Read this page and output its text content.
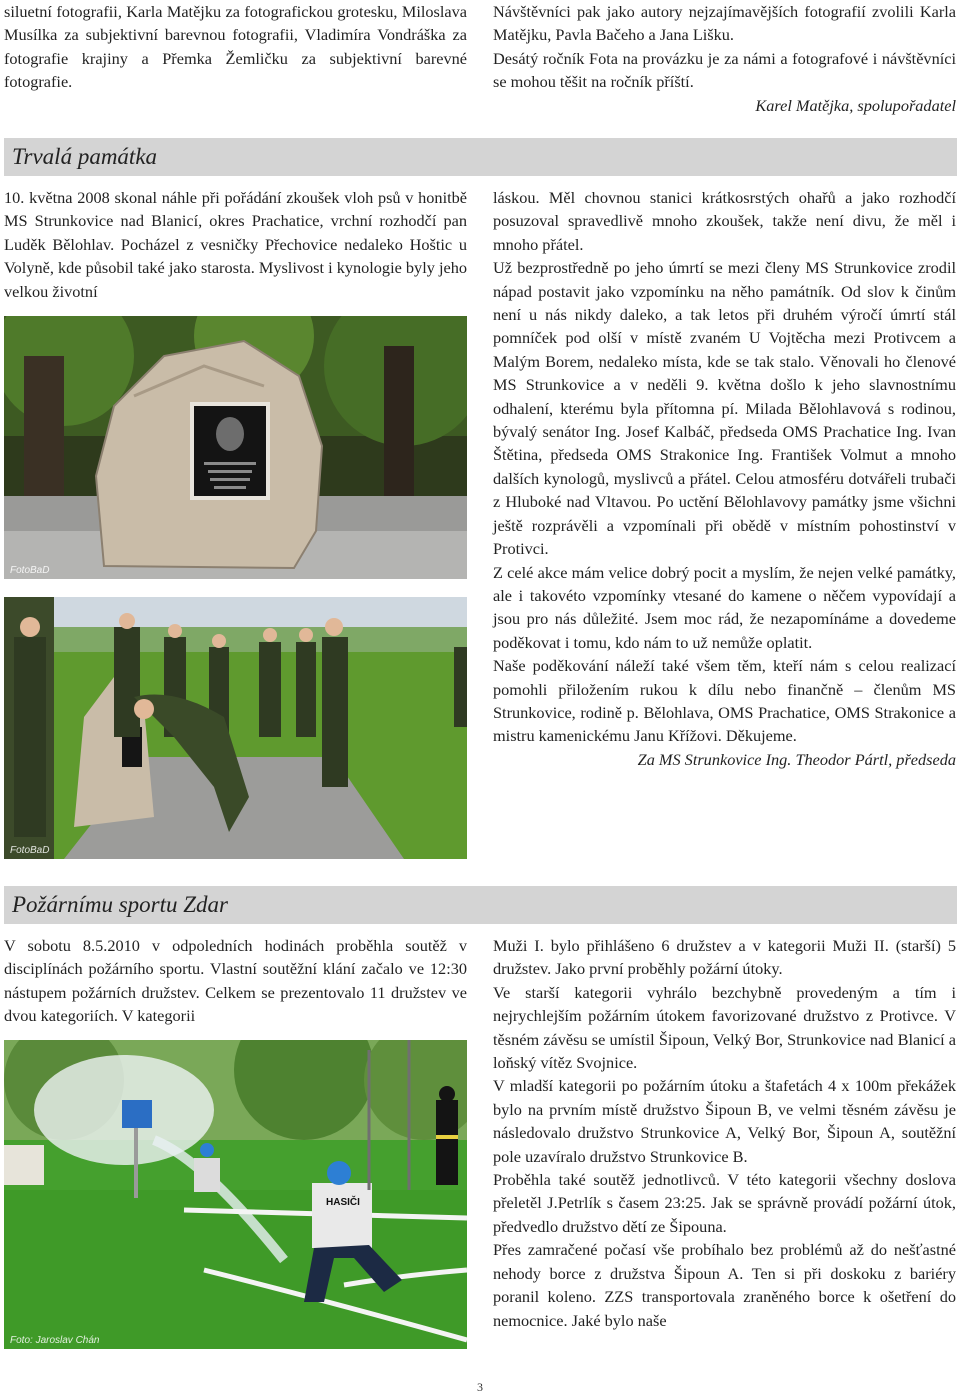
siluetní fotografii, Karla Matějku za fotografickou grotesku, Miloslava Musílka za subjektivní barevnou fotografii, Vladimíra Vondráška za fotografie krajiny a Přemka Žemličku za subjektivní barevné fotografie.

Návštěvníci pak jako autory nejzajímavějších fotografií zvolili Karla Matějku, Pavla Bačeho a Jana Lišku.

Desátý ročník Fota na provázku je za námi a fotografové i návštěvníci se mohou těšit na ročník příští.

Karel Matějka, spolupořadatel

Trvalá památka

10. května 2008 skonal náhle při pořádání zkoušek vloh psů v honitbě MS Strunkovice nad Blanicí, okres Prachatice, vrchní rozhodčí pan Luděk Bělohlav. Pocházel z vesničky Přechovice nedaleko Hoštic u Volyně, kde působil také jako starosta. Myslivost i kynologie byly jeho velkou životní

FotoBaD
FotoBaD

láskou. Měl chovnou stanici krátkosrstých ohařů a jako rozhodčí posuzoval spravedlivě mnoho zkoušek, takže není divu, že měl i mnoho přátel.

Už bezprostředně po jeho úmrtí se mezi členy MS Strunkovice zrodil nápad postavit jako vzpomínku na něho památník. Od slov k činům není u nás nikdy daleko, a tak letos při druhém výročí úmrtí stál pomníček pod olší v místě zvaném U Vojtěcha mezi Protivcem a Malým Borem, nedaleko místa, kde se tak stalo. Věnovali ho členové MS Strunkovice a v neděli 9. května došlo k jeho slavnostnímu odhalení, kterému byla přítomna pí. Milada Bělohlavová s rodinou, bývalý senátor Ing. Josef Kalbáč, předseda OMS Prachatice Ing. Ivan Štětina, předseda OMS Strakonice Ing. František Volmut a mnoho dalších kynologů, myslivců a přátel. Celou atmosféru dotvářeli trubači z Hluboké nad Vltavou. Po uctění Bělohlavovy památky jsme všichni ještě rozprávěli a vzpomínali při obědě v místním pohostinství v Protivci.

Z celé akce mám velice dobrý pocit a myslím, že nejen velké památky, ale i takovéto vzpomínky vtesané do kamene o něčem vypovídají a jsou pro nás důležité. Jsem moc rád, že nezapomínáme a dovedeme poděkovat i tomu, kdo nám to už nemůže oplatit.

Naše poděkování náleží také všem těm, kteří nám s celou realizací pomohli přiložením rukou k dílu nebo finančně – členům MS Strunkovice, rodině p. Bělohlava, OMS Prachatice, OMS Strakonice a mistru kamenickému Janu Křížovi. Děkujeme.

Za MS Strunkovice Ing. Theodor Pártl, předseda

Požárnímu sportu Zdar

V sobotu 8.5.2010 v odpoledních hodinách proběhla soutěž v disciplínách požárního sportu. Vlastní soutěžní klání začalo ve 12:30 nástupem požárních družstev. Celkem se prezentovalo 11 družstev ve dvou kategoriích. V kategorii

HASIČI
Foto: Jaroslav Chán

Muži I. bylo přihlášeno 6 družstev a v kategorii Muži II. (starší) 5 družstev. Jako první proběhly požární útoky.

Ve starší kategorii vyhrálo bezchybně provedeným a tím i nejrychlejším požárním útokem favorizované družstvo z Protivce. V těsném závěsu se umístil Šipoun, Velký Bor, Strunkovice nad Blanicí a loňský vítěz Svojnice.

V mladší kategorii po požárním útoku a štafetách 4 x 100m překážek bylo na prvním místě družstvo Šipoun B, ve velmi těsném závěsu je následovalo družstvo Strunkovice A, Velký Bor, Šipoun A, soutěžní pole uzavíralo družstvo Strunkovice B.

Proběhla také soutěž jednotlivců. V této kategorii všechny doslova přeletěl J.Petrlík s časem 23:25. Jak se správně provádí požární útok, předvedlo družstvo dětí ze Šipouna.

Přes zamračené počasí vše probíhalo bez problémů až do nešťastné nehody borce z družstva Šipoun A. Ten si při doskoku z bariéry poranil koleno. ZZS transportovala zraněného borce k ošetření do nemocnice. Jaké bylo naše

3
